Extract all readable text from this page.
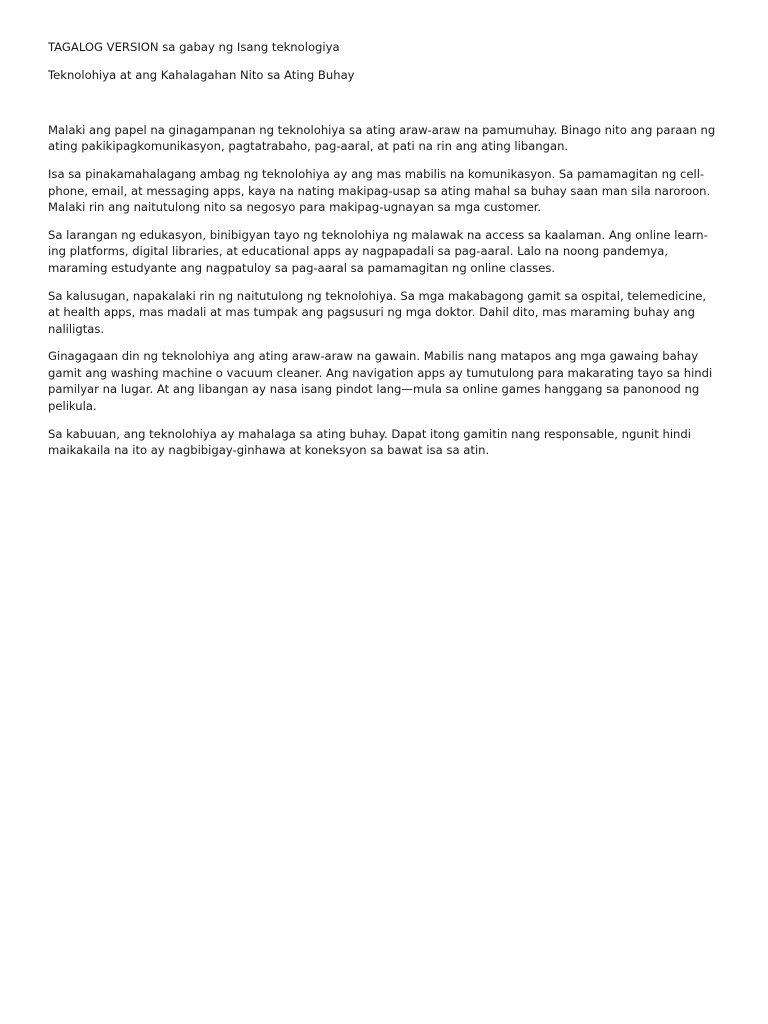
TAGALOG VERSION sa gabay ng Isang teknologiya

Teknolohiya at ang Kahalagahan Nito sa Ating Buhay

Malaki ang papel na ginagampanan ng teknolohiya sa ating araw-araw na pamumuhay. Binago nito ang paraan ng ating pakikipagkomunikasyon, pagtatrabaho, pag-aaral, at pati na rin ang ating libangan.

Isa sa pinakamahalagang ambag ng teknolohiya ay ang mas mabilis na komunikasyon. Sa pamamagitan ng cell-phone, email, at messaging apps, kaya na nating makipag-usap sa ating mahal sa buhay saan man sila naroroon. Malaki rin ang naitutulong nito sa negosyo para makipag-ugnayan sa mga customer.

Sa larangan ng edukasyon, binibigyan tayo ng teknolohiya ng malawak na access sa kaalaman. Ang online learn-ing platforms, digital libraries, at educational apps ay nagpapadali sa pag-aaral. Lalo na noong pandemya, maraming estudyante ang nagpatuloy sa pag-aaral sa pamamagitan ng online classes.

Sa kalusugan, napakalaki rin ng naitutulong ng teknolohiya. Sa mga makabagong gamit sa ospital, telemedicine, at health apps, mas madali at mas tumpak ang pagsusuri ng mga doktor. Dahil dito, mas maraming buhay ang naliligtas.

Ginagagaan din ng teknolohiya ang ating araw-araw na gawain. Mabilis nang matapos ang mga gawaing bahay gamit ang washing machine o vacuum cleaner. Ang navigation apps ay tumutulong para makarating tayo sa hindi pamilyar na lugar. At ang libangan ay nasa isang pindot lang—mula sa online games hanggang sa panonood ng pelikula.

Sa kabuuan, ang teknolohiya ay mahalaga sa ating buhay. Dapat itong gamitin nang responsable, ngunit hindi maikakaila na ito ay nagbibigay-ginhawa at koneksyon sa bawat isa sa atin.
